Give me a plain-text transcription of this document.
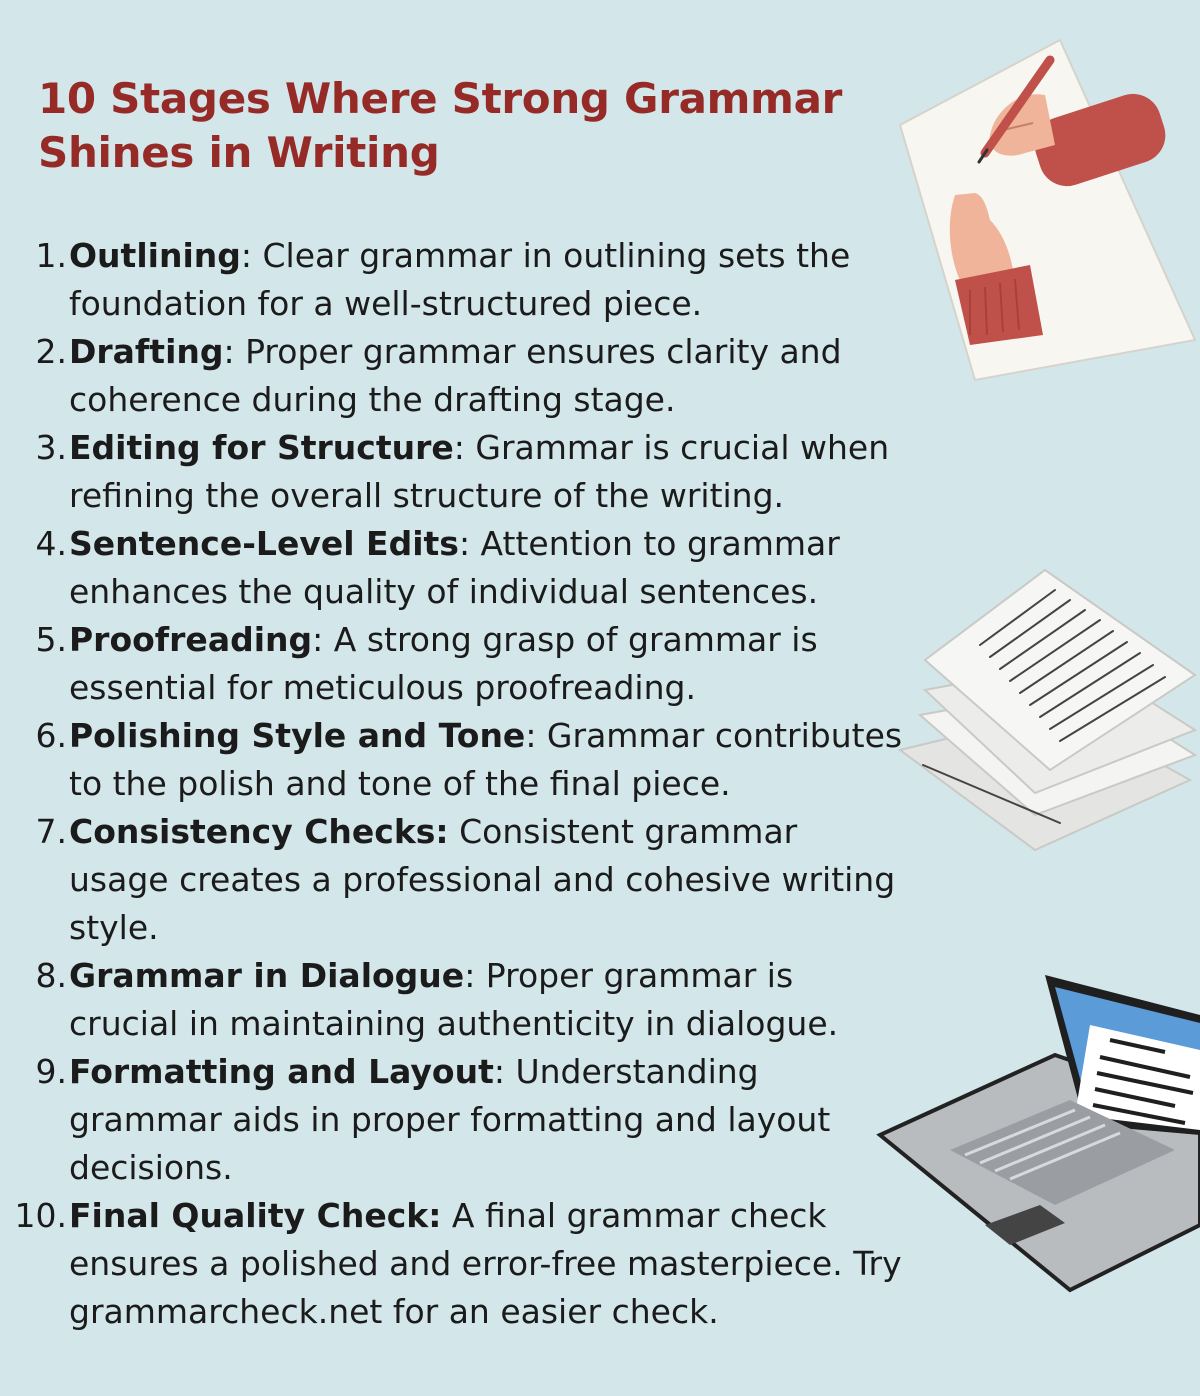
10 Stages Where Strong Grammar Shines in Writing
1. Outlining: Clear grammar in outlining sets the foundation for a well-structured piece.
2. Drafting: Proper grammar ensures clarity and coherence during the drafting stage.
3. Editing for Structure: Grammar is crucial when refining the overall structure of the writing.
4. Sentence-Level Edits: Attention to grammar enhances the quality of individual sentences.
5. Proofreading: A strong grasp of grammar is essential for meticulous proofreading.
6. Polishing Style and Tone: Grammar contributes to the polish and tone of the final piece.
7. Consistency Checks: Consistent grammar usage creates a professional and cohesive writing style.
8. Grammar in Dialogue: Proper grammar is crucial in maintaining authenticity in dialogue.
9. Formatting and Layout: Understanding grammar aids in proper formatting and layout decisions.
10. Final Quality Check: A final grammar check ensures a polished and error-free masterpiece. Try grammarcheck.net for an easier check.
